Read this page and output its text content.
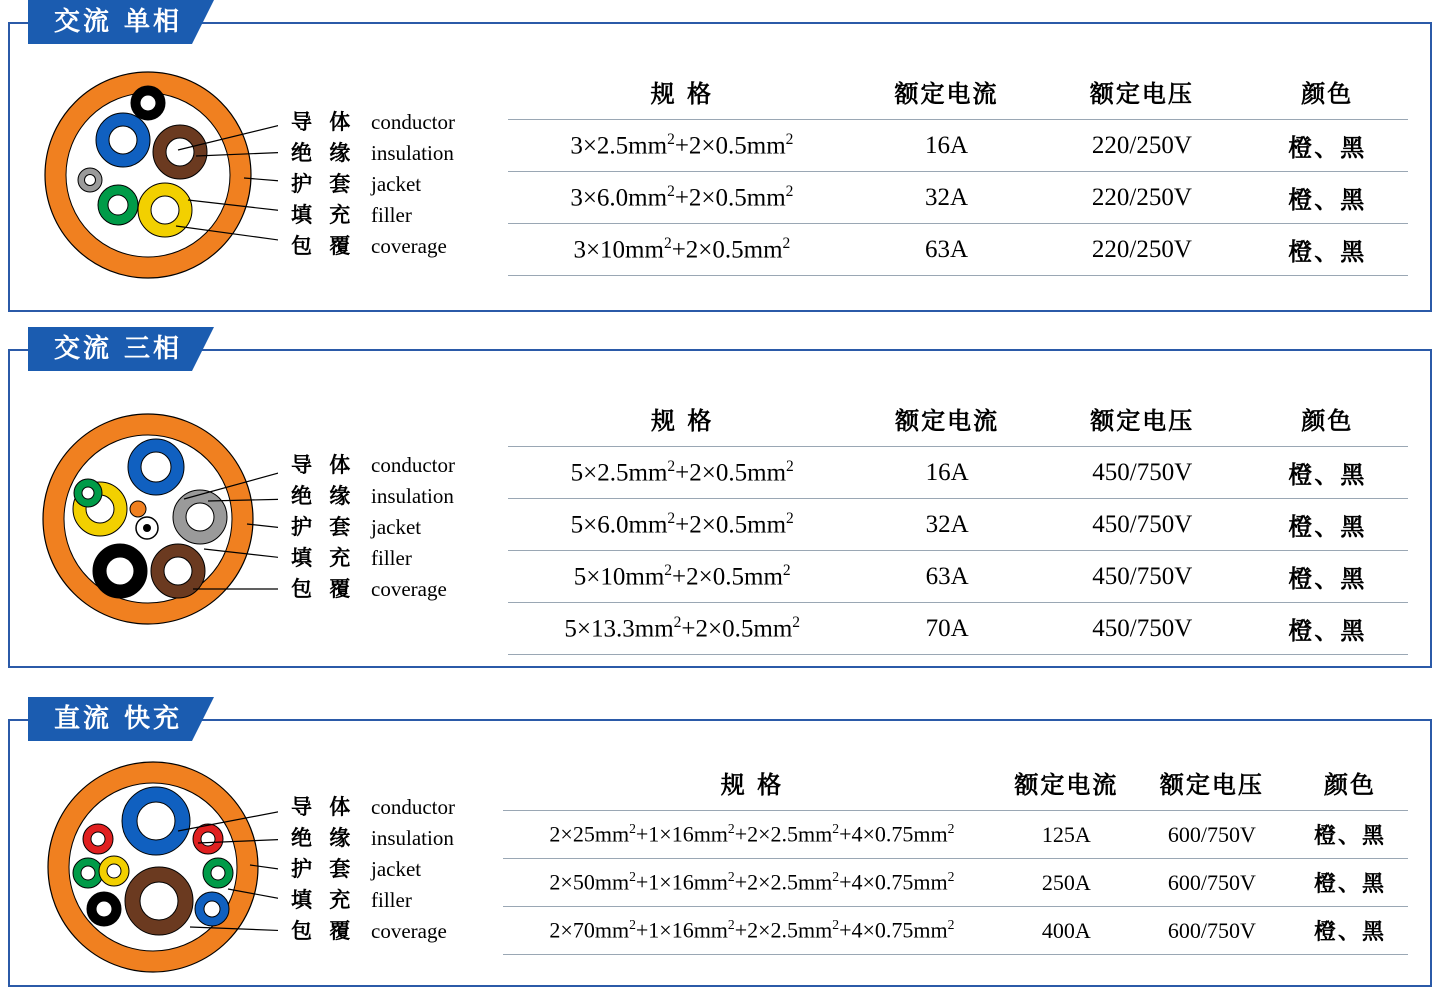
交流 单相
导 体 conductor
绝 缘 insulation
护 套 jacket
填 充 filler
包 覆 coverage
规 格	额定电流	额定电压	颜色
$3\times 2.5mm^2+2\times 0.5mm^2$	16A	220/250V	橙、黑
$3\times 6.0mm^2+2\times 0.5mm^2$	32A	220/250V	橙、黑
$3\times 10mm^2+2\times 0.5mm^2$	63A	220/250V	橙、黑
交流 三相
导 体 conductor
绝 缘 insulation
护 套 jacket
填 充 filler
包 覆 coverage
规 格	额定电流	额定电压	颜色
$5\times 2.5mm^2+2\times 0.5mm^2$	16A	450/750V	橙、黑
$5\times 6.0mm^2+2\times 0.5mm^2$	32A	450/750V	橙、黑
$5\times 10mm^2+2\times 0.5mm^2$	63A	450/750V	橙、黑
$5\times 13.3mm^2+2\times 0.5mm^2$	70A	450/750V	橙、黑
直流 快充
导 体 conductor
绝 缘 insulation
护 套 jacket
填 充 filler
包 覆 coverage
规 格	额定电流	额定电压	颜色
$2\times 25mm^2+1\times 16mm^2+2\times 2.5mm^2+4\times 0.75mm^2$	125A	600/750V	橙、黑
$2\times 50mm^2+1\times 16mm^2+2\times 2.5mm^2+4\times 0.75mm^2$	250A	600/750V	橙、黑
$2\times 70mm^2+1\times 16mm^2+2\times 2.5mm^2+4\times 0.75mm^2$	400A	600/750V	橙、黑
